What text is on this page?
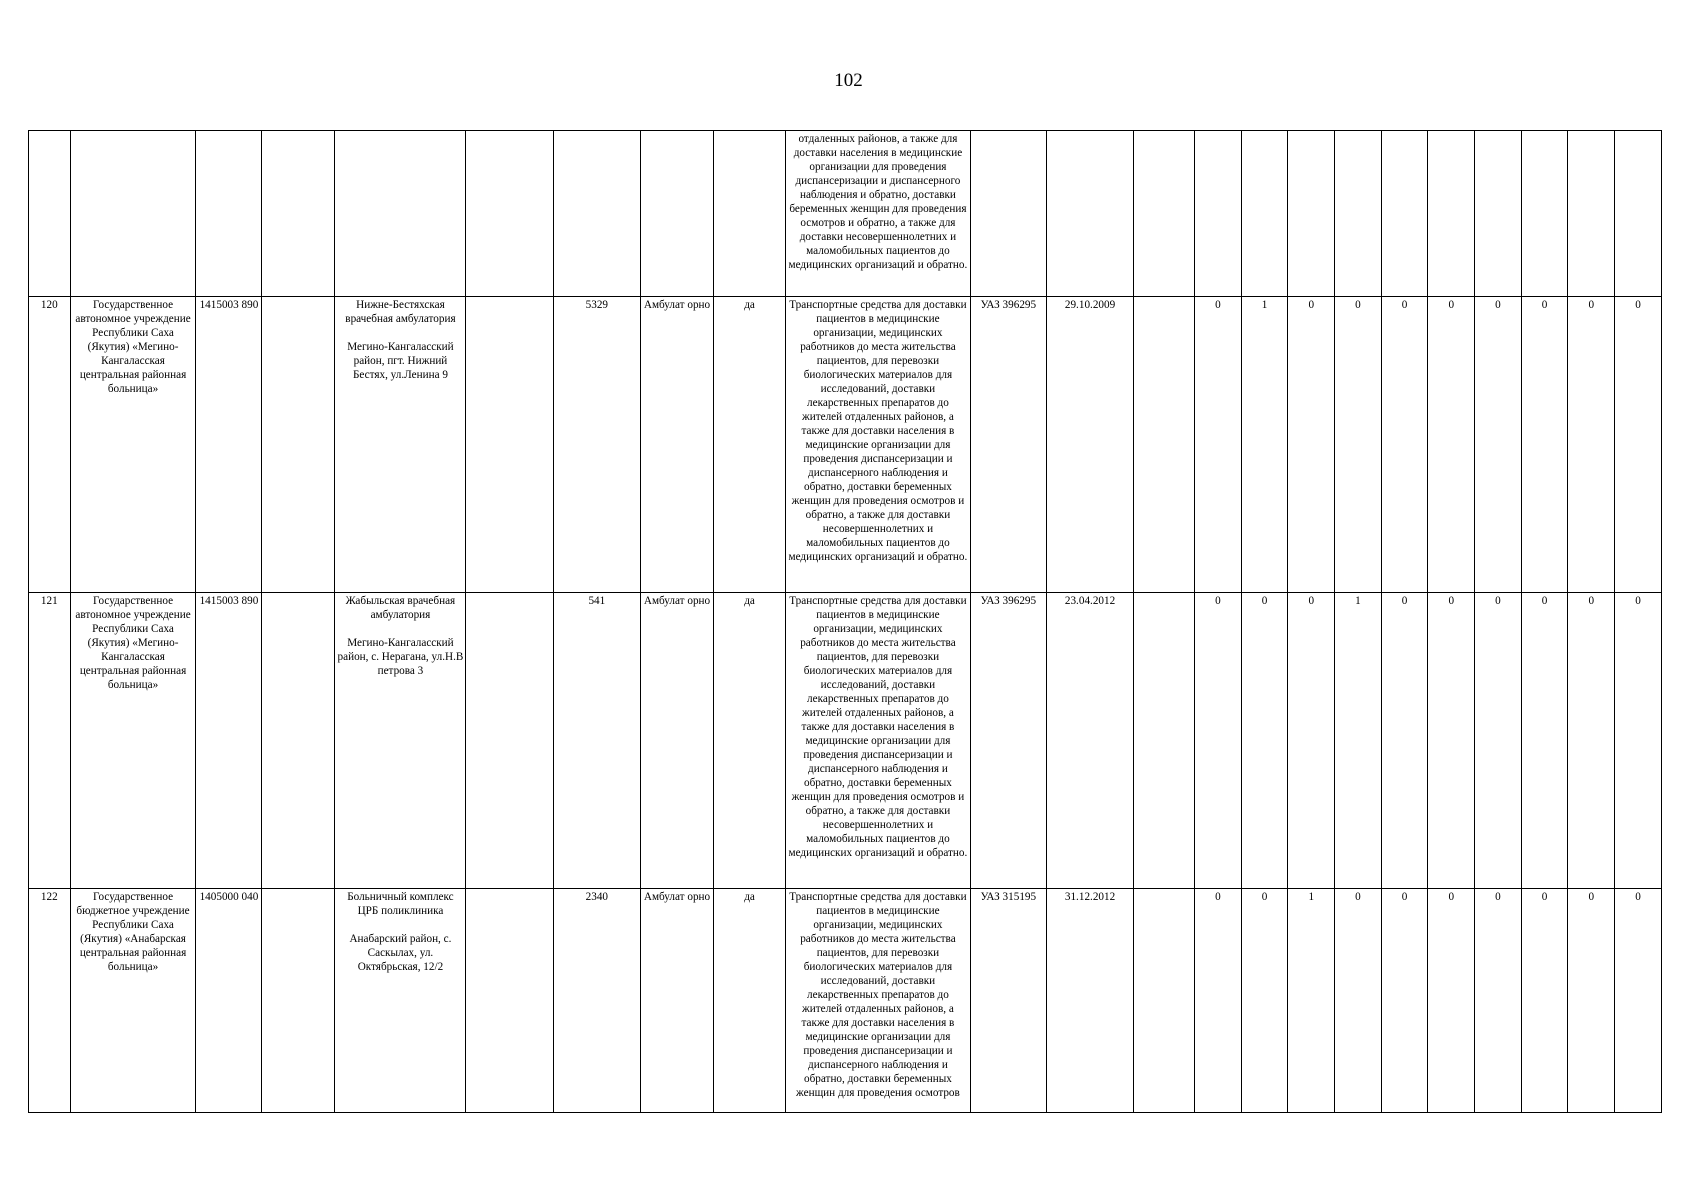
102
									отдаленных районов, а также для доставки населения в медицинские организации для проведения диспансеризации и диспансерного наблюдения и обратно, доставки беременных женщин для проведения осмотров и обратно, а также для доставки несовершеннолетних и маломобильных пациентов до медицинских организаций и обратно.													
120	Государственное автономное учреждение Республики Саха (Якутия) «Мегино-Кангаласская центральная районная больница»	1415003 890		Нижне-Бестяхская врачебная амбулатория

Мегино-Кангаласский район, пгт. Нижний Бестях, ул.Ленина 9		5329	Амбулат орно	да	Транспортные средства для доставки пациентов в медицинские организации, медицинских работников до места жительства пациентов, для перевозки биологических материалов для исследований, доставки лекарственных препаратов до жителей отдаленных районов, а также для доставки населения в медицинские организации для проведения диспансеризации и диспансерного наблюдения и обратно, доставки беременных женщин для проведения осмотров и обратно, а также для доставки несовершеннолетних и маломобильных пациентов до медицинских организаций и обратно.	УАЗ 396295	29.10.2009		0	1	0	0	0	0	0	0	0	0
121	Государственное автономное учреждение Республики Саха (Якутия) «Мегино-Кангаласская центральная районная больница»	1415003 890		Жабыльская врачебная амбулатория

Мегино-Кангаласский район, с. Нерагана, ул.Н.В петрова 3		541	Амбулат орно	да	Транспортные средства для доставки пациентов в медицинские организации, медицинских работников до места жительства пациентов, для перевозки биологических материалов для исследований, доставки лекарственных препаратов до жителей отдаленных районов, а также для доставки населения в медицинские организации для проведения диспансеризации и диспансерного наблюдения и обратно, доставки беременных женщин для проведения осмотров и обратно, а также для доставки несовершеннолетних и маломобильных пациентов до медицинских организаций и обратно.	УАЗ 396295	23.04.2012		0	0	0	1	0	0	0	0	0	0
122	Государственное бюджетное учреждение Республики Саха (Якутия) «Анабарская центральная районная больница»	1405000 040		Больничный комплекс ЦРБ поликлиника

Анабарский район, с. Саскылах, ул. Октябрьская, 12/2		2340	Амбулат орно	да	Транспортные средства для доставки пациентов в медицинские организации, медицинских работников до места жительства пациентов, для перевозки биологических материалов для исследований, доставки лекарственных препаратов до жителей отдаленных районов, а также для доставки населения в медицинские организации для проведения диспансеризации и диспансерного наблюдения и обратно, доставки беременных женщин для проведения осмотров	УАЗ 315195	31.12.2012		0	0	1	0	0	0	0	0	0	0
